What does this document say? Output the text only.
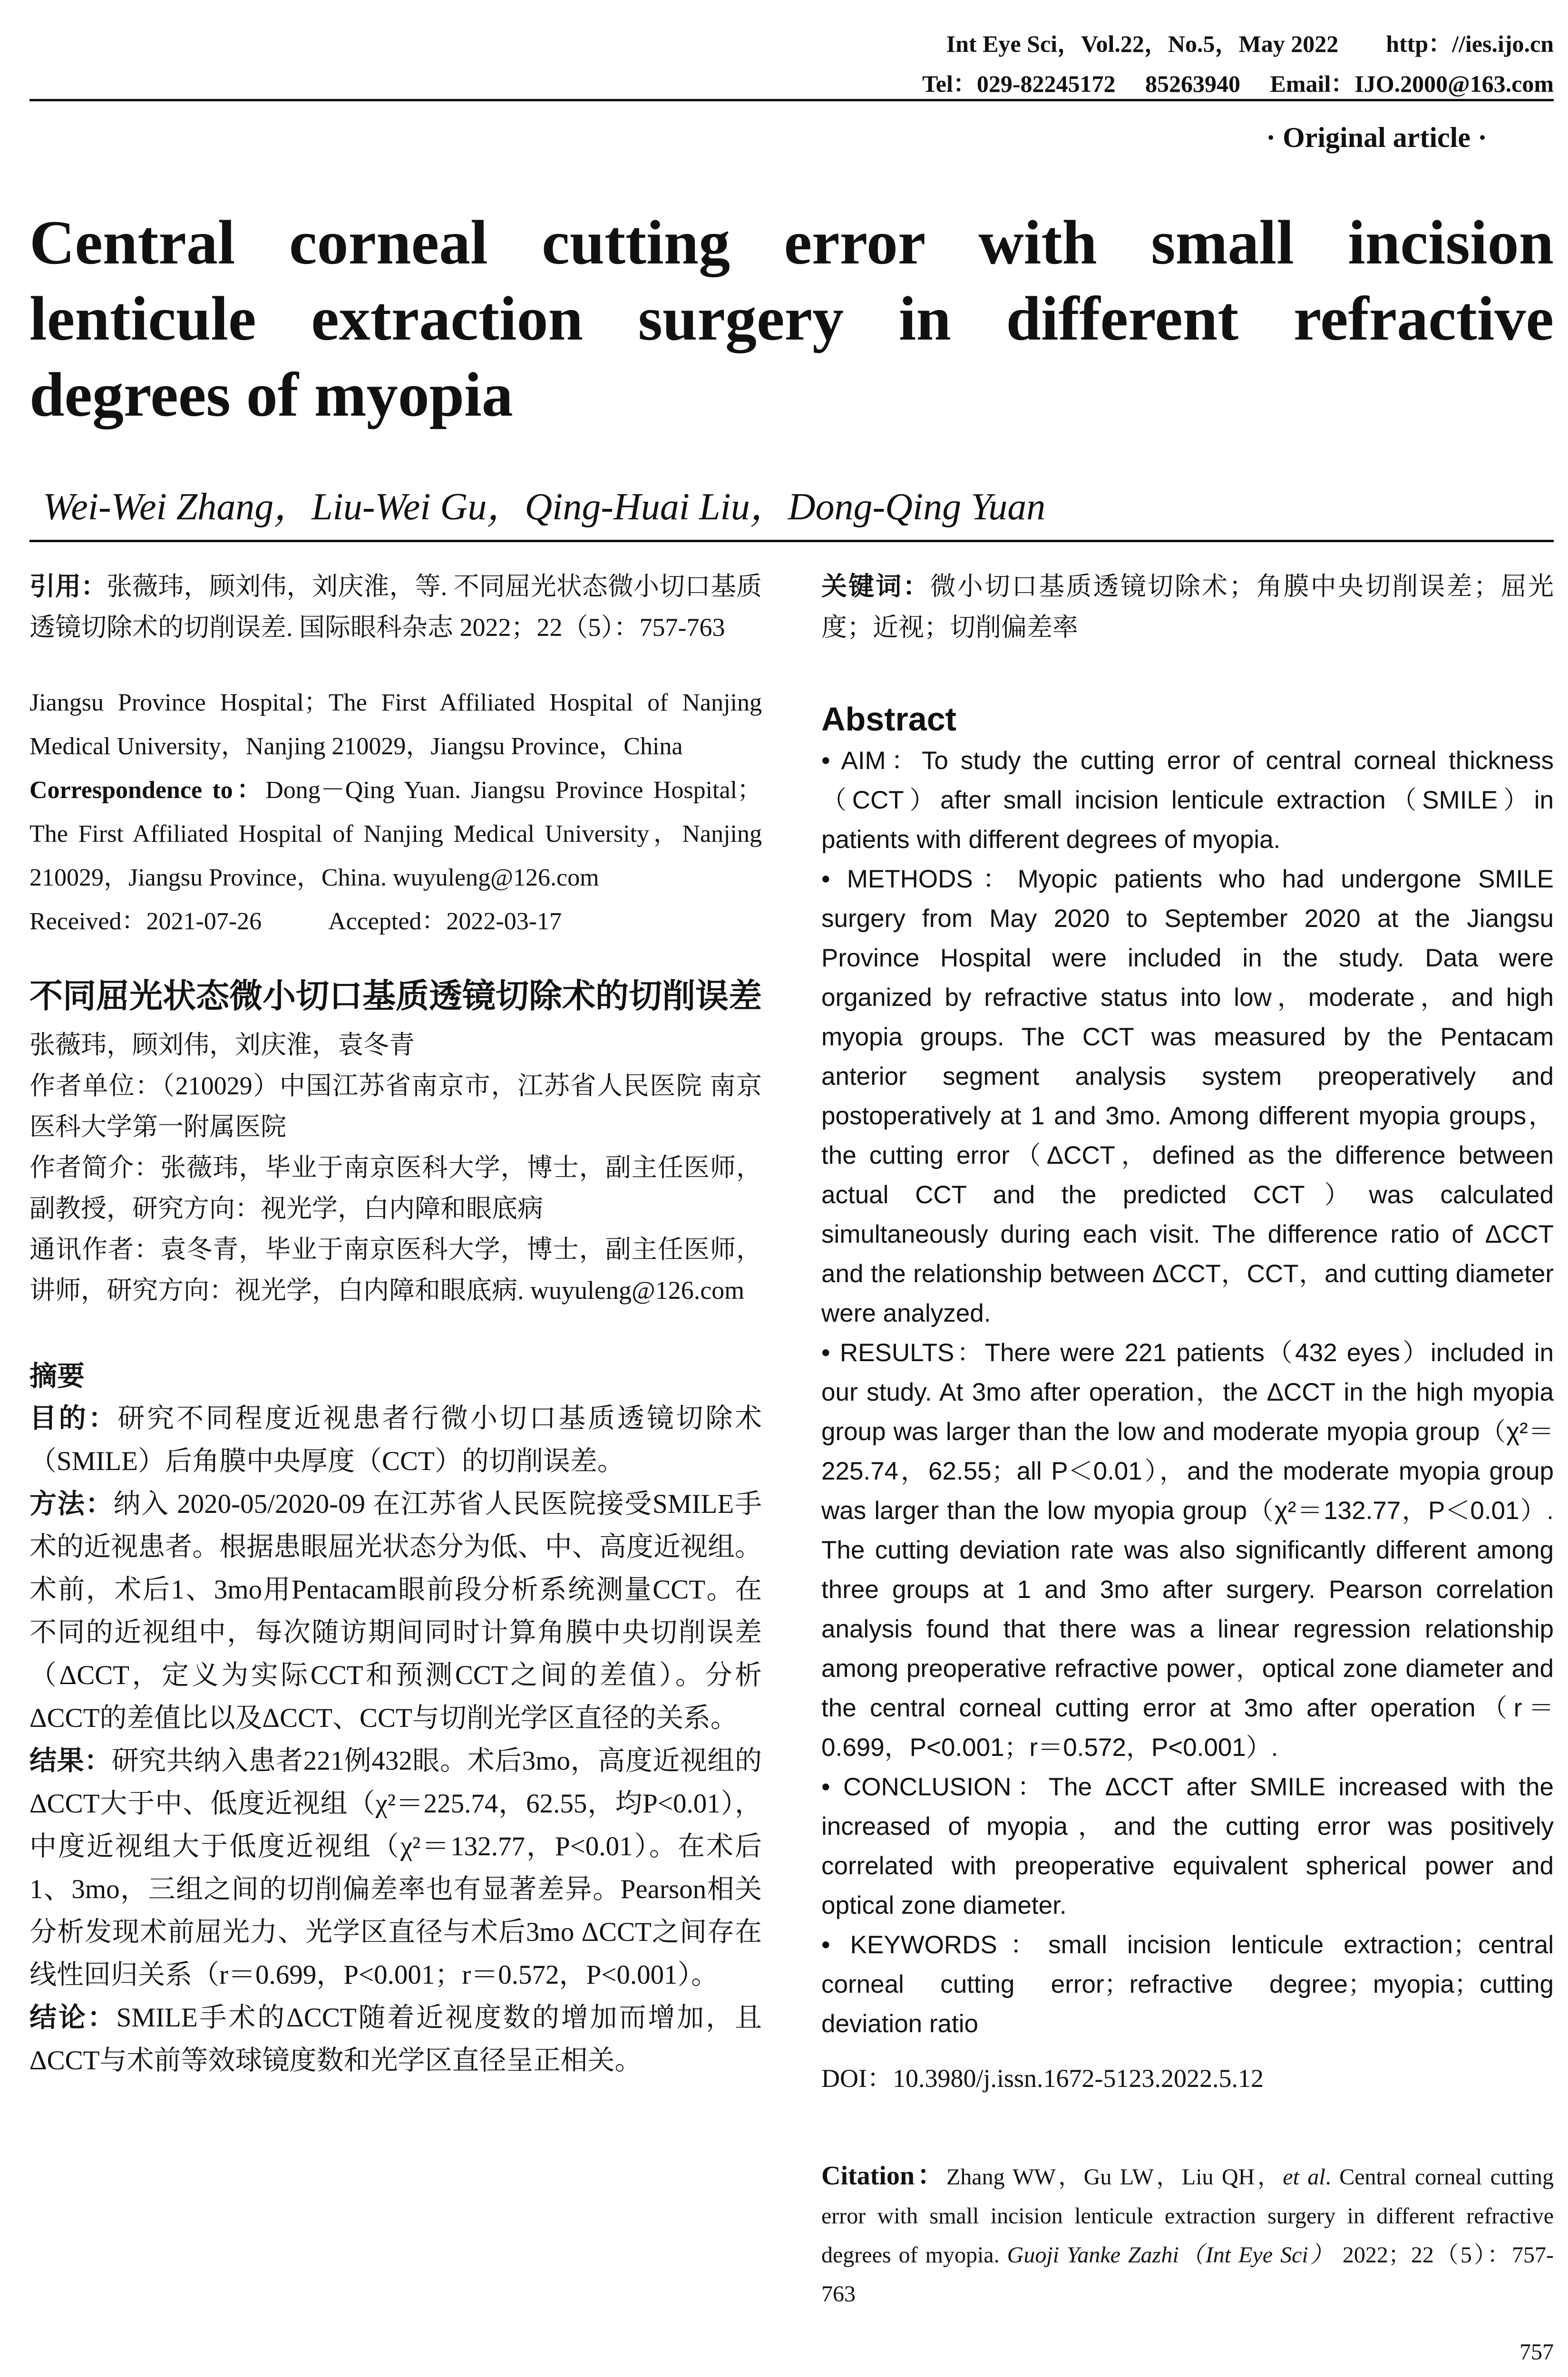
Int Eye Sci，Vol.22，No.5，May 2022        http：//ies.ijo.cn
Tel：029-82245172     85263940     Email：IJO.2000@163.com
· Original article ·
Central corneal cutting error with small incision lenticule extraction surgery in different refractive degrees of myopia
Wei-Wei Zhang，Liu-Wei Gu，Qing-Huai Liu，Dong-Qing Yuan

引用：张薇玮，顾刘伟，刘庆淮，等. 不同屈光状态微小切口基质透镜切除术的切削误差. 国际眼科杂志 2022；22（5）：757-763

Jiangsu Province Hospital；The First Affiliated Hospital of Nanjing Medical University，Nanjing 210029，Jiangsu Province，China

Correspondence to：Dong－Qing Yuan. Jiangsu Province Hospital；The First Affiliated Hospital of Nanjing Medical University，Nanjing 210029，Jiangsu Province，China. wuyuleng@126.com

Received：2021-07-26	Accepted：2022-03-17

不同屈光状态微小切口基质透镜切除术的切削误差

张薇玮，顾刘伟，刘庆淮，袁冬青

作者单位：（210029）中国江苏省南京市，江苏省人民医院 南京医科大学第一附属医院

作者简介：张薇玮，毕业于南京医科大学，博士，副主任医师，副教授，研究方向：视光学，白内障和眼底病

通讯作者：袁冬青，毕业于南京医科大学，博士，副主任医师，讲师，研究方向：视光学，白内障和眼底病. wuyuleng@126.com

摘要

目的：研究不同程度近视患者行微小切口基质透镜切除术（SMILE）后角膜中央厚度（CCT）的切削误差。

方法：纳入 2020-05/2020-09 在江苏省人民医院接受SMILE手术的近视患者。根据患眼屈光状态分为低、中、高度近视组。术前，术后1、3mo用Pentacam眼前段分析系统测量CCT。在不同的近视组中，每次随访期间同时计算角膜中央切削误差（ΔCCT，定义为实际CCT和预测CCT之间的差值）。分析ΔCCT的差值比以及ΔCCT、CCT与切削光学区直径的关系。

结果：研究共纳入患者221例432眼。术后3mo，高度近视组的ΔCCT大于中、低度近视组（χ²＝225.74，62.55，均P<0.01），中度近视组大于低度近视组（χ²＝132.77，P<0.01）。在术后1、3mo，三组之间的切削偏差率也有显著差异。Pearson相关分析发现术前屈光力、光学区直径与术后3mo ΔCCT之间存在线性回归关系（r＝0.699，P<0.001；r＝0.572，P<0.001）。

结论：SMILE手术的ΔCCT随着近视度数的增加而增加，且ΔCCT与术前等效球镜度数和光学区直径呈正相关。

关键词：微小切口基质透镜切除术；角膜中央切削误差；屈光度；近视；切削偏差率

Abstract

• AIM：To study the cutting error of central corneal thickness（CCT）after small incision lenticule extraction（SMILE）in patients with different degrees of myopia.

• METHODS：Myopic patients who had undergone SMILE surgery from May 2020 to September 2020 at the Jiangsu Province Hospital were included in the study. Data were organized by refractive status into low，moderate，and high myopia groups. The CCT was measured by the Pentacam anterior segment analysis system preoperatively and postoperatively at 1 and 3mo. Among different myopia groups，the cutting error（ΔCCT，defined as the difference between actual CCT and the predicted CCT）was calculated simultaneously during each visit. The difference ratio of ΔCCT and the relationship between ΔCCT，CCT，and cutting diameter were analyzed.

• RESULTS：There were 221 patients（432 eyes）included in our study. At 3mo after operation，the ΔCCT in the high myopia group was larger than the low and moderate myopia group（χ²＝225.74，62.55；all P＜0.01），and the moderate myopia group was larger than the low myopia group（χ²＝132.77，P＜0.01）. The cutting deviation rate was also significantly different among three groups at 1 and 3mo after surgery. Pearson correlation analysis found that there was a linear regression relationship among preoperative refractive power，optical zone diameter and the central corneal cutting error at 3mo after operation（r＝0.699，P<0.001；r＝0.572，P<0.001）.

• CONCLUSION：The ΔCCT after SMILE increased with the increased of myopia，and the cutting error was positively correlated with preoperative equivalent spherical power and optical zone diameter.

• KEYWORDS：small incision lenticule extraction；central corneal cutting error；refractive degree；myopia；cutting deviation ratio

DOI：10.3980/j.issn.1672-5123.2022.5.12

Citation：Zhang WW，Gu LW，Liu QH，et al. Central corneal cutting error with small incision lenticule extraction surgery in different refractive degrees of myopia. Guoji Yanke Zazhi（Int Eye Sci） 2022；22（5）：757-763

757
